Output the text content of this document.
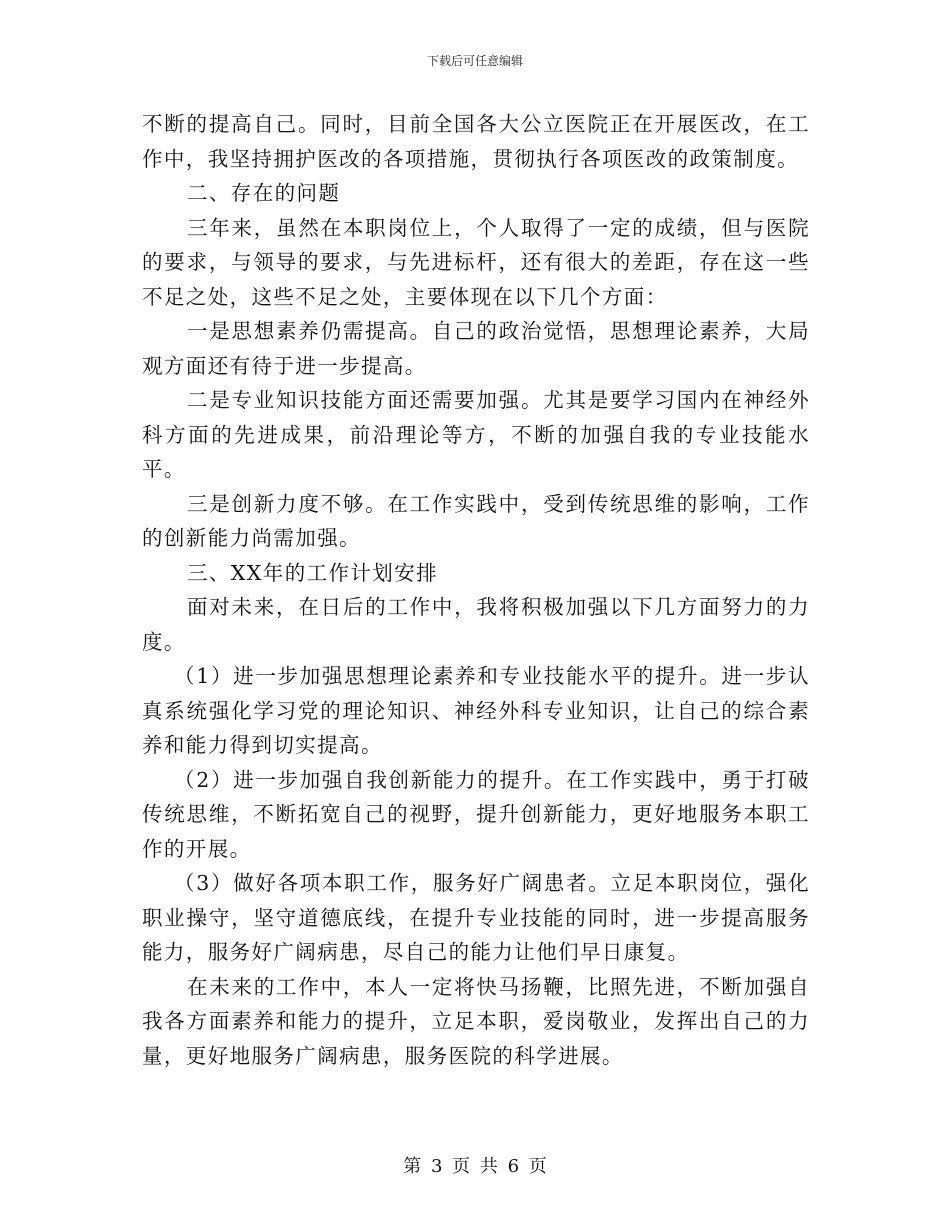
下载后可任意编辑

不断的提高自己。同时，目前全国各大公立医院正在开展医改，在工作中，我坚持拥护医改的各项措施，贯彻执行各项医改的政策制度。

二、存在的问题

三年来，虽然在本职岗位上，个人取得了一定的成绩，但与医院的要求，与领导的要求，与先进标杆，还有很大的差距，存在这一些不足之处，这些不足之处，主要体现在以下几个方面：

一是思想素养仍需提高。自己的政治觉悟，思想理论素养，大局观方面还有待于进一步提高。

二是专业知识技能方面还需要加强。尤其是要学习国内在神经外科方面的先进成果，前沿理论等方，不断的加强自我的专业技能水平。

三是创新力度不够。在工作实践中，受到传统思维的影响，工作的创新能力尚需加强。

三、XX年的工作计划安排

面对未来，在日后的工作中，我将积极加强以下几方面努力的力度。

（1）进一步加强思想理论素养和专业技能水平的提升。进一步认真系统强化学习党的理论知识、神经外科专业知识，让自己的综合素养和能力得到切实提高。

（2）进一步加强自我创新能力的提升。在工作实践中，勇于打破传统思维，不断拓宽自己的视野，提升创新能力，更好地服务本职工作的开展。

（3）做好各项本职工作，服务好广阔患者。立足本职岗位，强化职业操守，坚守道德底线，在提升专业技能的同时，进一步提高服务能力，服务好广阔病患，尽自己的能力让他们早日康复。

在未来的工作中，本人一定将快马扬鞭，比照先进，不断加强自我各方面素养和能力的提升，立足本职，爱岗敬业，发挥出自己的力量，更好地服务广阔病患，服务医院的科学进展。

第 3 页 共 6 页
